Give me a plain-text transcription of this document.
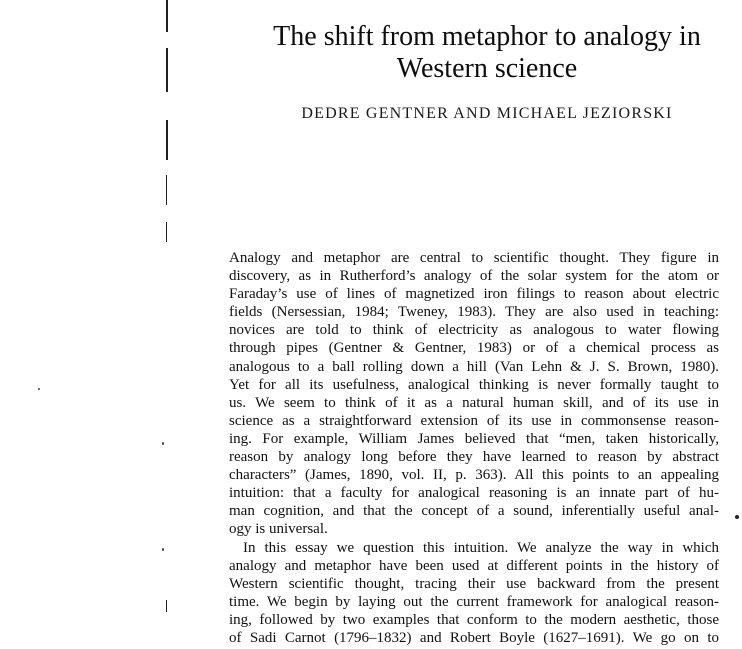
The shift from metaphor to analogy in
Western science
DEDRE GENTNER AND MICHAEL JEZIORSKI
Analogy and metaphor are central to scientific thought. They figure in
discovery, as in Rutherford’s analogy of the solar system for the atom or
Faraday’s use of lines of magnetized iron filings to reason about electric
fields (Nersessian, 1984; Tweney, 1983). They are also used in teaching:
novices are told to think of electricity as analogous to water flowing
through pipes (Gentner & Gentner, 1983) or of a chemical process as
analogous to a ball rolling down a hill (Van Lehn & J. S. Brown, 1980).
Yet for all its usefulness, analogical thinking is never formally taught to
us. We seem to think of it as a natural human skill, and of its use in
science as a straightforward extension of its use in commonsense reason-
ing. For example, William James believed that “men, taken historically,
reason by analogy long before they have learned to reason by abstract
characters” (James, 1890, vol. II, p. 363). All this points to an appealing
intuition: that a faculty for analogical reasoning is an innate part of hu-
man cognition, and that the concept of a sound, inferentially useful anal-
ogy is universal.
In this essay we question this intuition. We analyze the way in which
analogy and metaphor have been used at different points in the history of
Western scientific thought, tracing their use backward from the present
time. We begin by laying out the current framework for analogical reason-
ing, followed by two examples that conform to the modern aesthetic, those
of Sadi Carnot (1796–1832) and Robert Boyle (1627–1691). We go on to
